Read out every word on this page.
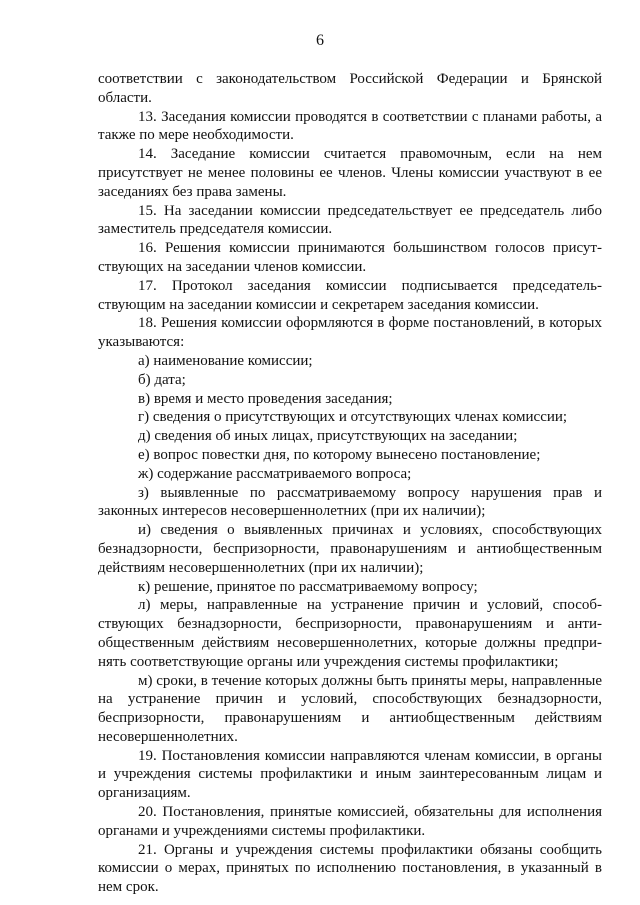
6

соответствии с законодательством Российской Федерации и Брянской области.

13. Заседания комиссии проводятся в соответствии с планами работы, а также по мере необходимости.

14. Заседание комиссии считается правомочным, если на нем присутствует не менее половины ее членов. Члены комиссии участвуют в ее заседаниях без права замены.

15. На заседании комиссии председательствует ее председатель либо заместитель председателя комиссии.

16. Решения комиссии принимаются большинством голосов присутствующих на заседании членов комиссии.

17. Протокол заседания комиссии подписывается председательствующим на заседании комиссии и секретарем заседания комиссии.

18. Решения комиссии оформляются в форме постановлений, в которых указываются:

а) наименование комиссии;

б) дата;

в) время и место проведения заседания;

г) сведения о присутствующих и отсутствующих членах комиссии;

д) сведения об иных лицах, присутствующих на заседании;

е) вопрос повестки дня, по которому вынесено постановление;

ж) содержание рассматриваемого вопроса;

з) выявленные по рассматриваемому вопросу нарушения прав и законных интересов несовершеннолетних (при их наличии);

и) сведения о выявленных причинах и условиях, способствующих безнадзорности, беспризорности, правонарушениям и антиобщественным действиям несовершеннолетних (при их наличии);

к) решение, принятое по рассматриваемому вопросу;

л) меры, направленные на устранение причин и условий, способствующих безнадзорности, беспризорности, правонарушениям и антиобщественным действиям несовершеннолетних, которые должны предпринять соответствующие органы или учреждения системы профилактики;

м) сроки, в течение которых должны быть приняты меры, направленные на устранение причин и условий, способствующих безнадзорности, беспризорности, правонарушениям и антиобщественным действиям несовершеннолетних.

19. Постановления комиссии направляются членам комиссии, в органы и учреждения системы профилактики и иным заинтересованным лицам и организациям.

20. Постановления, принятые комиссией, обязательны для исполнения органами и учреждениями системы профилактики.

21. Органы и учреждения системы профилактики обязаны сообщить комиссии о мерах, принятых по исполнению постановления, в указанный в нем срок.
